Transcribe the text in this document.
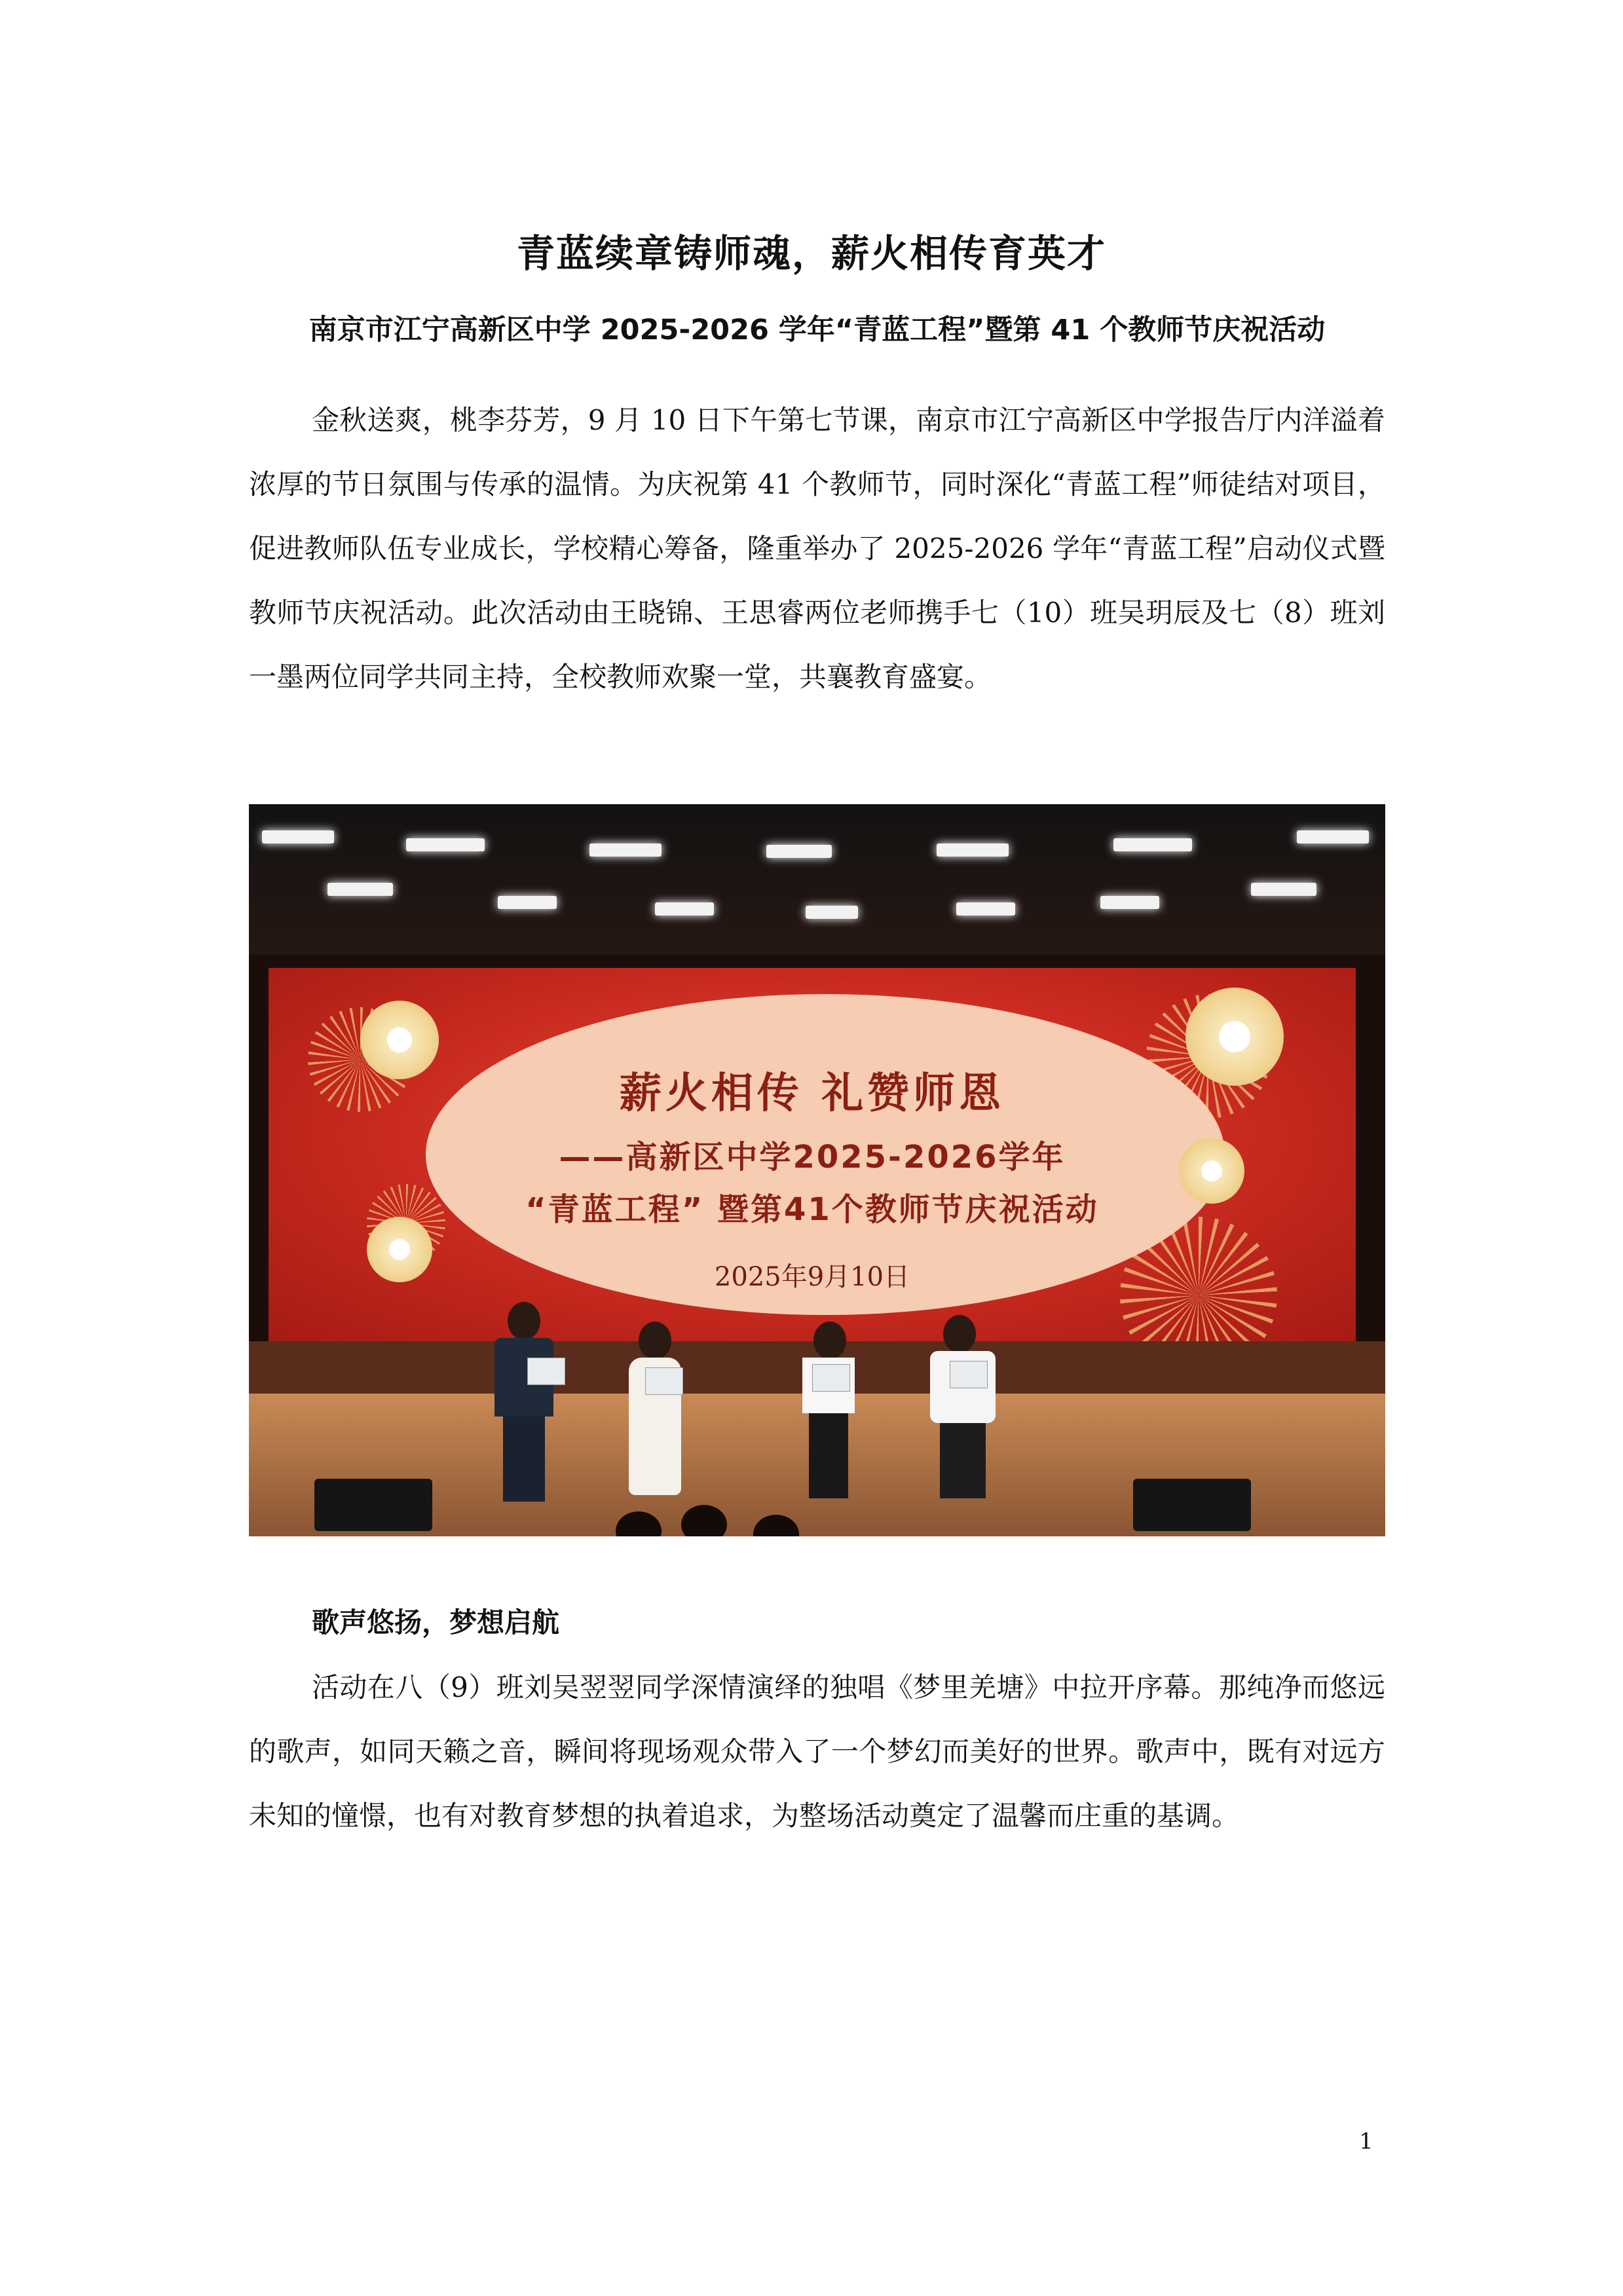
青蓝续章铸师魂，薪火相传育英才
南京市江宁高新区中学 2025-2026 学年“青蓝工程”暨第 41 个教师节庆祝活动

金秋送爽，桃李芬芳，9 月 10 日下午第七节课，南京市江宁高新区中学报告厅内洋溢着浓厚的节日氛围与传承的温情。为庆祝第 41 个教师节，同时深化“青蓝工程”师徒结对项目，促进教师队伍专业成长，学校精心筹备，隆重举办了 2025-2026 学年“青蓝工程”启动仪式暨教师节庆祝活动。此次活动由王晓锦、王思睿两位老师携手七（10）班吴玥辰及七（8）班刘一墨两位同学共同主持，全校教师欢聚一堂，共襄教育盛宴。

薪火相传 礼赞师恩

——高新区中学2025-2026学年

“青蓝工程” 暨第41个教师节庆祝活动

2025年9月10日

歌声悠扬，梦想启航

活动在八（9）班刘吴翌翌同学深情演绎的独唱《梦里羌塘》中拉开序幕。那纯净而悠远的歌声，如同天籁之音，瞬间将现场观众带入了一个梦幻而美好的世界。歌声中，既有对远方未知的憧憬，也有对教育梦想的执着追求，为整场活动奠定了温馨而庄重的基调。

1
